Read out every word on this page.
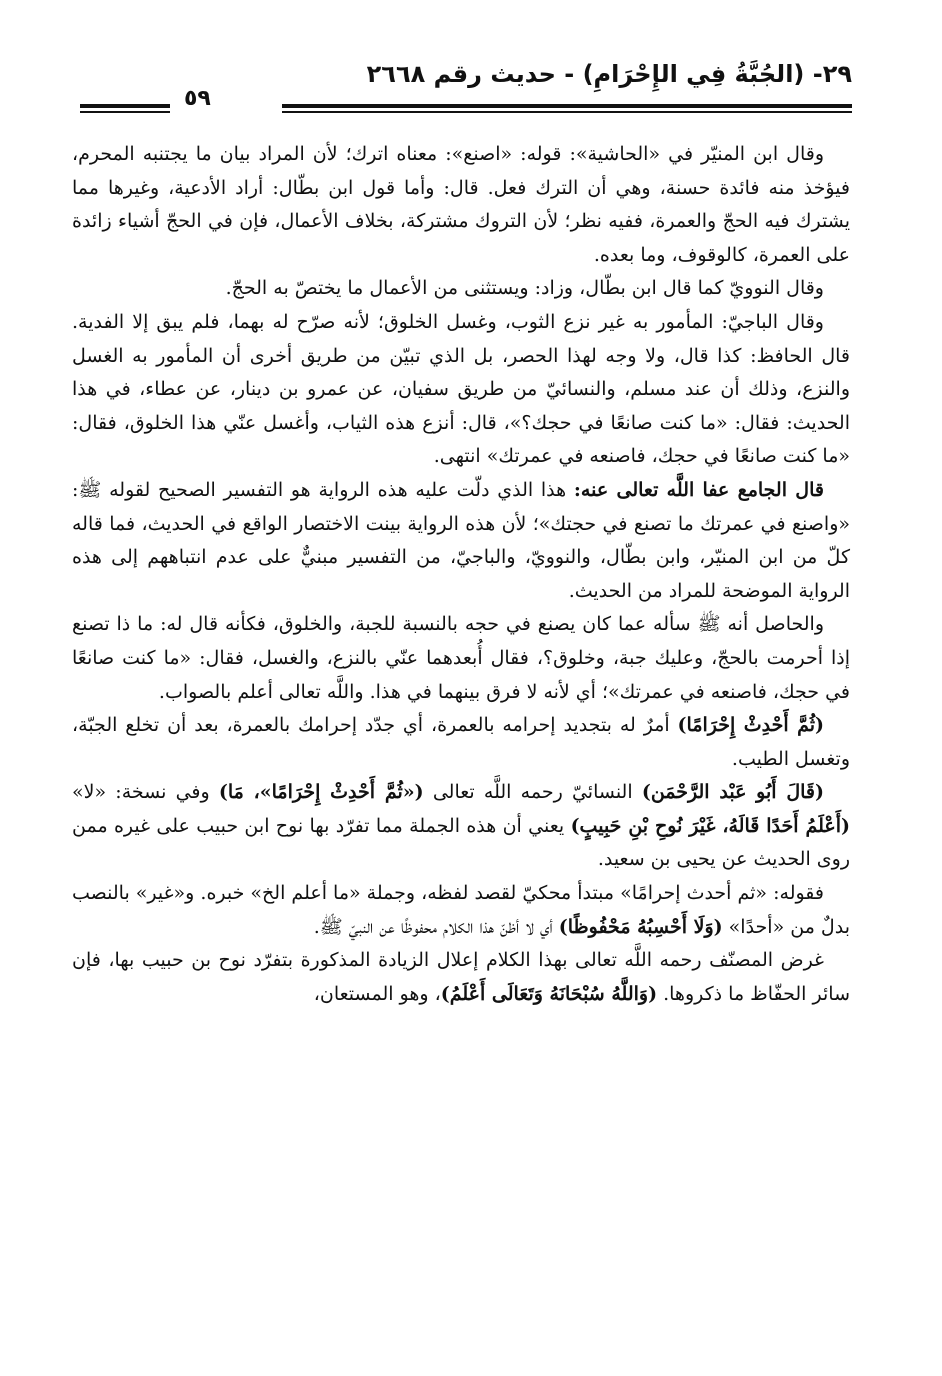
٢٩- (الجُبَّةُ فِي الإِحْرَامِ) - حديث رقم ٢٦٦٨
٥٩

وقال ابن المنيّر في «الحاشية»: قوله: «اصنع»: معناه اترك؛ لأن المراد بيان ما يجتنبه المحرم، فيؤخذ منه فائدة حسنة، وهي أن الترك فعل. قال: وأما قول ابن بطّال: أراد الأدعية، وغيرها مما يشترك فيه الحجّ والعمرة، ففيه نظر؛ لأن التروك مشتركة، بخلاف الأعمال، فإن في الحجّ أشياء زائدة على العمرة، كالوقوف، وما بعده.

وقال النوويّ كما قال ابن بطّال، وزاد: ويستثنى من الأعمال ما يختصّ به الحجّ.

وقال الباجيّ: المأمور به غير نزع الثوب، وغسل الخلوق؛ لأنه صرّح له بهما، فلم يبق إلا الفدية. قال الحافظ: كذا قال، ولا وجه لهذا الحصر، بل الذي تبيّن من طريق أخرى أن المأمور به الغسل والنزع، وذلك أن عند مسلم، والنسائيّ من طريق سفيان، عن عمرو بن دينار، عن عطاء، في هذا الحديث: فقال: «ما كنت صانعًا في حجك؟»، قال: أنزع هذه الثياب، وأغسل عنّي هذا الخلوق، فقال: «ما كنت صانعًا في حجك، فاصنعه في عمرتك» انتهى.

قال الجامع عفا اللَّه تعالى عنه: هذا الذي دلّت عليه هذه الرواية هو التفسير الصحيح لقوله ﷺ: «واصنع في عمرتك ما تصنع في حجتك»؛ لأن هذه الرواية بينت الاختصار الواقع في الحديث، فما قاله كلّ من ابن المنيّر، وابن بطّال، والنوويّ، والباجيّ، من التفسير مبنيٌّ على عدم انتباههم إلى هذه الرواية الموضحة للمراد من الحديث.

والحاصل أنه ﷺ سأله عما كان يصنع في حجه بالنسبة للجبة، والخلوق، فكأنه قال له: ما ذا تصنع إذا أحرمت بالحجّ، وعليك جبة، وخلوق؟، فقال أُبعدهما عنّي بالنزع، والغسل، فقال: «ما كنت صانعًا في حجك، فاصنعه في عمرتك»؛ أي لأنه لا فرق بينهما في هذا. واللَّه تعالى أعلم بالصواب.

(ثُمَّ أَحْدِثْ إِحْرَامًا) أمرٌ له بتجديد إحرامه بالعمرة، أي جدّد إحرامك بالعمرة، بعد أن تخلع الجبّة، وتغسل الطيب.

(قَالَ أَبُو عَبْد الرَّحْمَن) النسائيّ رحمه اللَّه تعالى («ثُمَّ أَحْدِثْ إِحْرَامًا»، مَا) وفي نسخة: «لا» (أَعْلَمُ أَحَدًا قَالَهُ، غَيْرَ نُوحِ بْنِ حَبِيبٍ) يعني أن هذه الجملة مما تفرّد بها نوح ابن حبيب على غيره ممن روى الحديث عن يحيى بن سعيد.

فقوله: «ثم أحدث إحرامًا» مبتدأ محكيّ لقصد لفظه، وجملة «ما أعلم الخ» خبره. و«غير» بالنصب بدلٌ من «أحدًا» (وَلَا أَحْسِبُهُ مَحْفُوظًا) أي لا أظنّ هذا الكلام محفوظًا عن النبيّ ﷺ.

غرض المصنّف رحمه اللَّه تعالى بهذا الكلام إعلال الزيادة المذكورة بتفرّد نوح بن حبيب بها، فإن سائر الحفّاظ ما ذكروها. (وَاللَّهُ سُبْحَانَهُ وَتَعَالَى أَعْلَمُ)، وهو المستعان،
